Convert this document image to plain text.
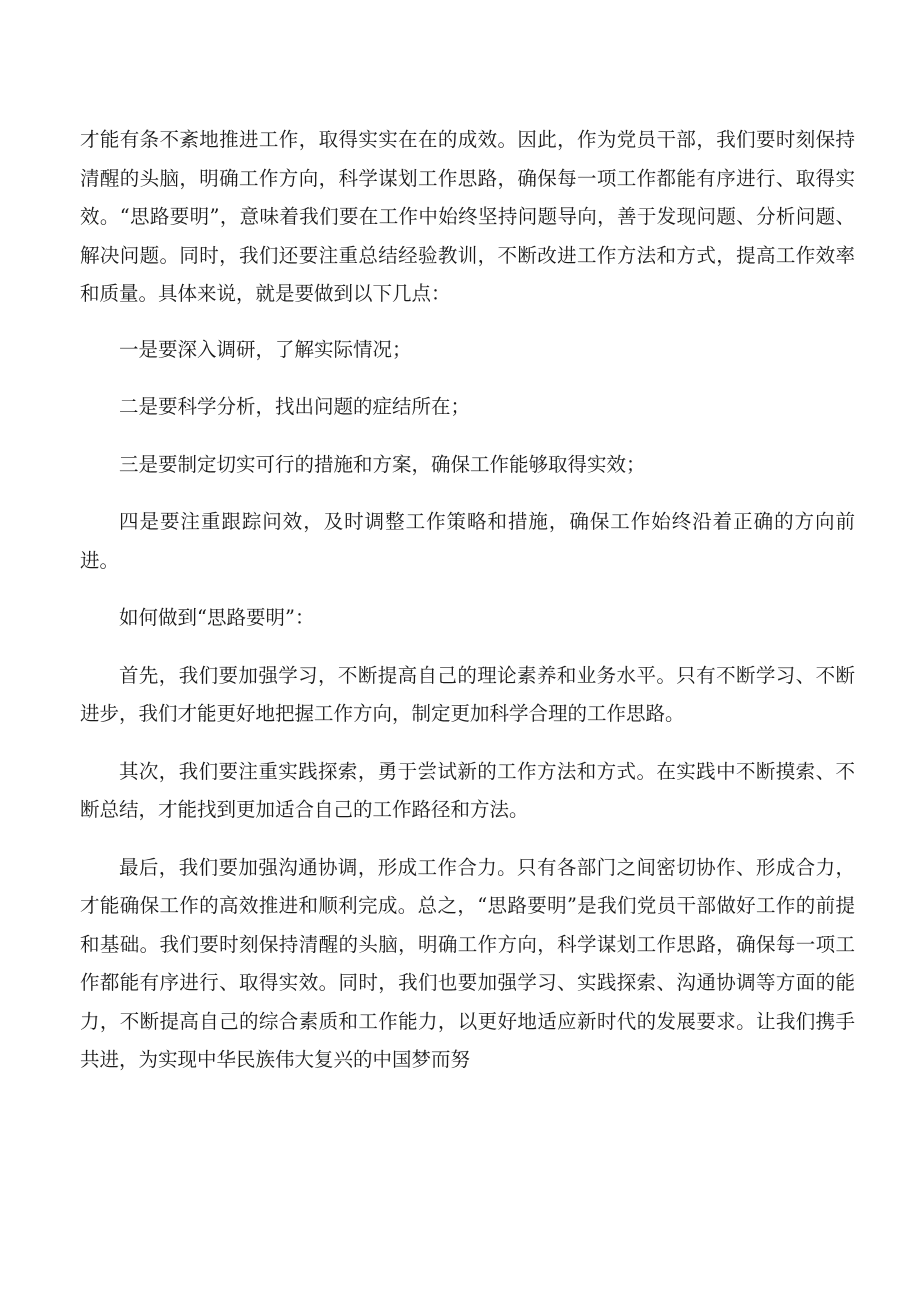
才能有条不紊地推进工作，取得实实在在的成效。因此，作为党员干部，我们要时刻保持清醒的头脑，明确工作方向，科学谋划工作思路，确保每一项工作都能有序进行、取得实效。“思路要明”，意味着我们要在工作中始终坚持问题导向，善于发现问题、分析问题、解决问题。同时，我们还要注重总结经验教训，不断改进工作方法和方式，提高工作效率和质量。具体来说，就是要做到以下几点：

一是要深入调研，了解实际情况；

二是要科学分析，找出问题的症结所在；

三是要制定切实可行的措施和方案，确保工作能够取得实效；

四是要注重跟踪问效，及时调整工作策略和措施，确保工作始终沿着正确的方向前进。

如何做到“思路要明”：

首先，我们要加强学习，不断提高自己的理论素养和业务水平。只有不断学习、不断进步，我们才能更好地把握工作方向，制定更加科学合理的工作思路。

其次，我们要注重实践探索，勇于尝试新的工作方法和方式。在实践中不断摸索、不断总结，才能找到更加适合自己的工作路径和方法。

最后，我们要加强沟通协调，形成工作合力。只有各部门之间密切协作、形成合力，才能确保工作的高效推进和顺利完成。总之，“思路要明”是我们党员干部做好工作的前提和基础。我们要时刻保持清醒的头脑，明确工作方向，科学谋划工作思路，确保每一项工作都能有序进行、取得实效。同时，我们也要加强学习、实践探索、沟通协调等方面的能力，不断提高自己的综合素质和工作能力，以更好地适应新时代的发展要求。让我们携手共进，为实现中华民族伟大复兴的中国梦而努
